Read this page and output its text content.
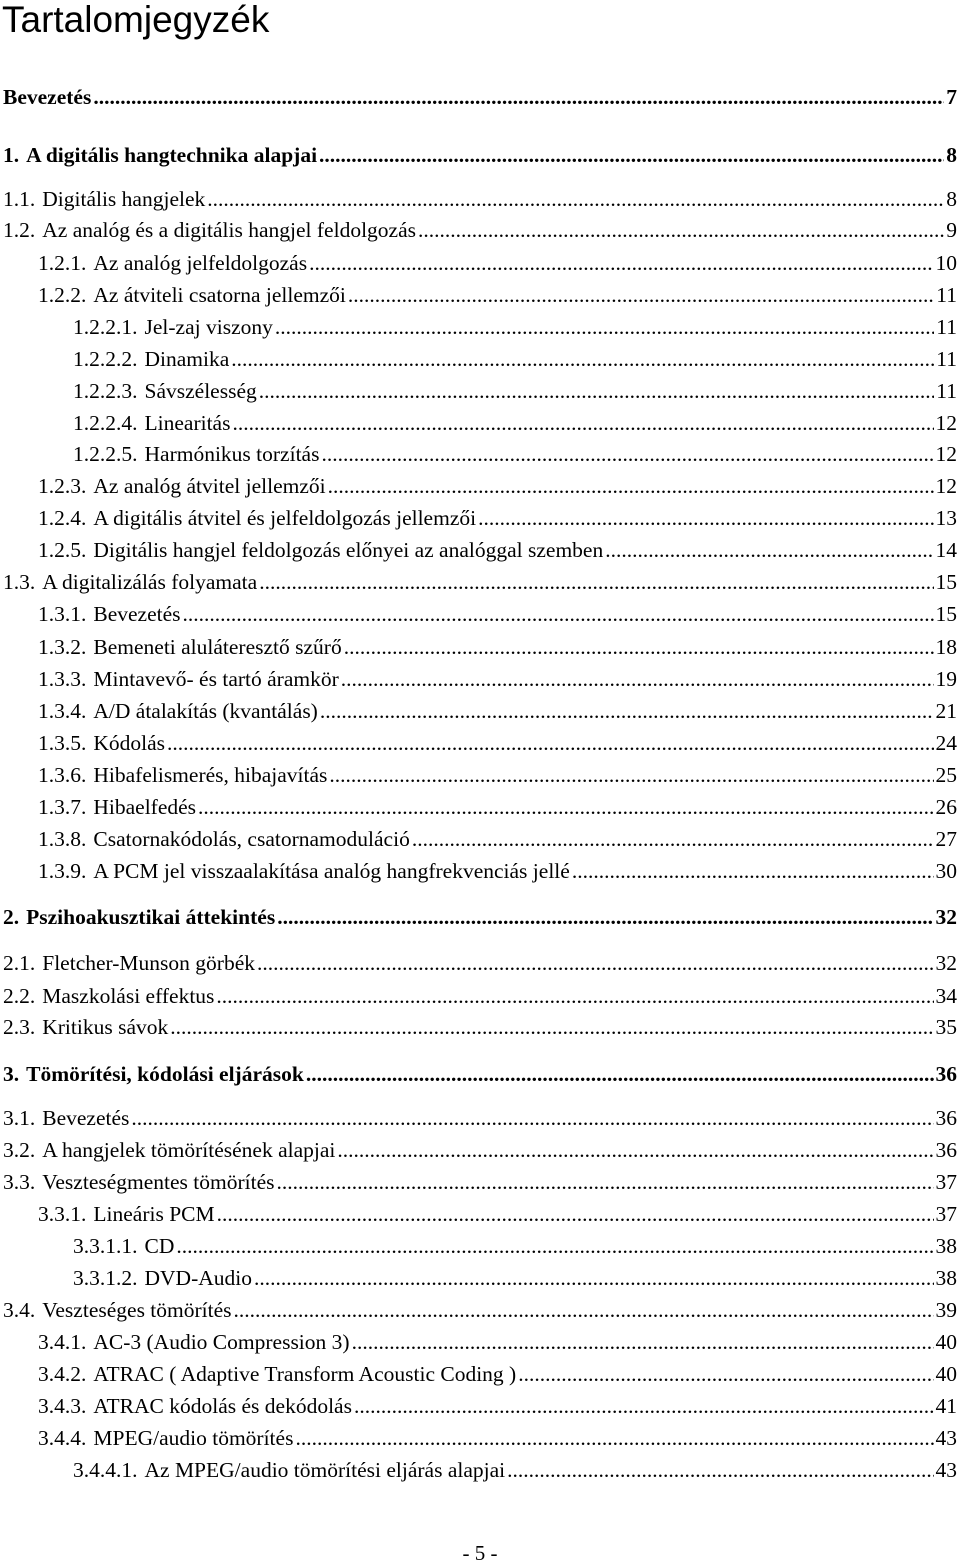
Tartalomjegyzék
Bevezetés .....	7
1. A digitális hangtechnika alapjai .....	8
1.1. Digitális hangjelek .....	8
1.2. Az analóg és a digitális hangjel feldolgozás .....	9
1.2.1. Az analóg jelfeldolgozás .....	10
1.2.2. Az átviteli csatorna jellemzői .....	11
1.2.2.1. Jel-zaj viszony .....	11
1.2.2.2. Dinamika .....	11
1.2.2.3. Sávszélesség .....	11
1.2.2.4. Linearitás .....	12
1.2.2.5. Harmónikus torzítás .....	12
1.2.3. Az analóg átvitel jellemzői .....	12
1.2.4. A digitális átvitel és jelfeldolgozás jellemzői .....	13
1.2.5. Digitális hangjel feldolgozás előnyei az analóggal szemben .....	14
1.3. A digitalizálás folyamata .....	15
1.3.1. Bevezetés .....	15
1.3.2. Bemeneti aluláteresztő szűrő .....	18
1.3.3. Mintavevő- és tartó áramkör .....	19
1.3.4. A/D átalakítás (kvantálás) .....	21
1.3.5. Kódolás .....	24
1.3.6. Hibafelismerés, hibajavítás .....	25
1.3.7. Hibaelfedés .....	26
1.3.8. Csatornakódolás, csatornamoduláció .....	27
1.3.9. A PCM jel visszaalakítása analóg hangfrekvenciás jellé .....	30
2. Pszihoakusztikai áttekintés .....	32
2.1. Fletcher-Munson görbék .....	32
2.2. Maszkolási effektus .....	34
2.3. Kritikus sávok .....	35
3. Tömörítési, kódolási eljárások .....	36
3.1. Bevezetés .....	36
3.2. A hangjelek tömörítésének alapjai .....	36
3.3. Veszteségmentes tömörítés .....	37
3.3.1. Lineáris PCM .....	37
3.3.1.1. CD .....	38
3.3.1.2. DVD-Audio .....	38
3.4. Veszteséges tömörítés .....	39
3.4.1. AC-3 (Audio Compression 3) .....	40
3.4.2. ATRAC ( Adaptive Transform Acoustic Coding ) .....	40
3.4.3. ATRAC kódolás és dekódolás .....	41
3.4.4. MPEG/audio tömörítés .....	43
3.4.4.1. Az MPEG/audio tömörítési eljárás alapjai .....	43
- 5 -
